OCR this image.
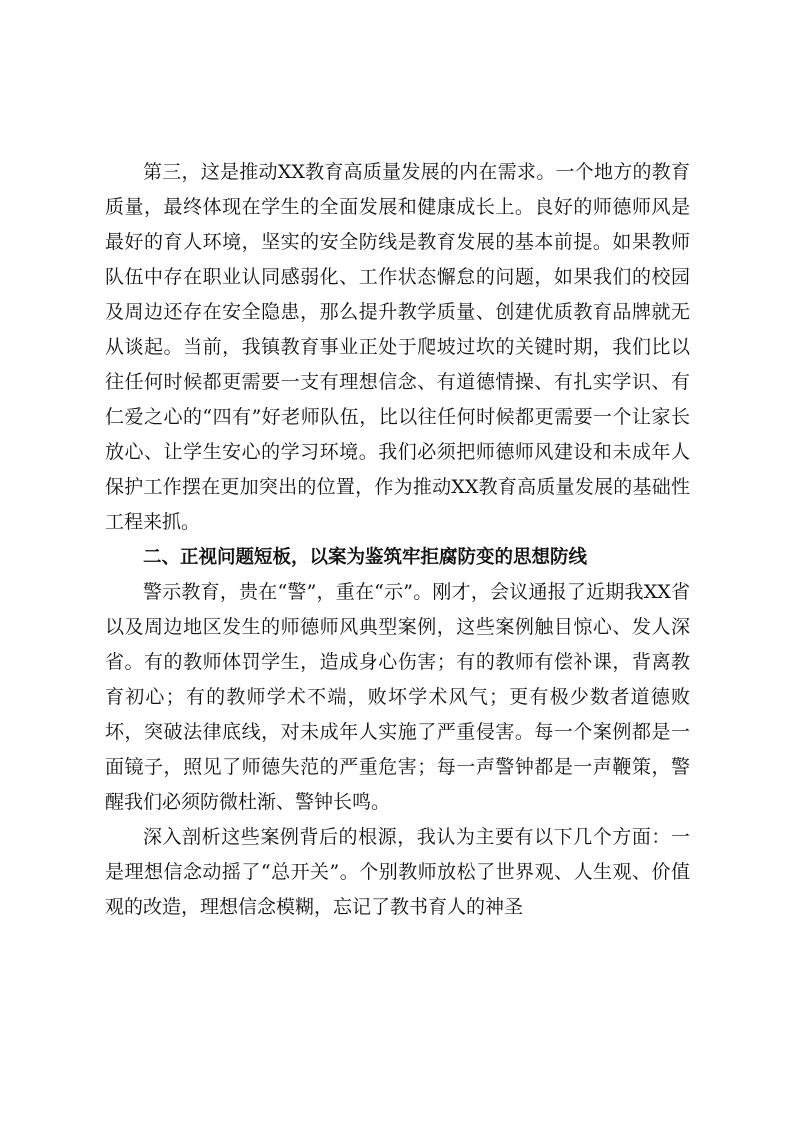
第三，这是推动XX教育高质量发展的内在需求。一个地方的教育质量，最终体现在学生的全面发展和健康成长上。良好的师德师风是最好的育人环境，坚实的安全防线是教育发展的基本前提。如果教师队伍中存在职业认同感弱化、工作状态懈怠的问题，如果我们的校园及周边还存在安全隐患，那么提升教学质量、创建优质教育品牌就无从谈起。当前，我镇教育事业正处于爬坡过坎的关键时期，我们比以往任何时候都更需要一支有理想信念、有道德情操、有扎实学识、有仁爱之心的“四有”好老师队伍，比以往任何时候都更需要一个让家长放心、让学生安心的学习环境。我们必须把师德师风建设和未成年人保护工作摆在更加突出的位置，作为推动XX教育高质量发展的基础性工程来抓。

二、正视问题短板，以案为鉴筑牢拒腐防变的思想防线

警示教育，贵在“警”，重在“示”。刚才，会议通报了近期我XX省以及周边地区发生的师德师风典型案例，这些案例触目惊心、发人深省。有的教师体罚学生，造成身心伤害；有的教师有偿补课，背离教育初心；有的教师学术不端，败坏学术风气；更有极少数者道德败坏，突破法律底线，对未成年人实施了严重侵害。每一个案例都是一面镜子，照见了师德失范的严重危害；每一声警钟都是一声鞭策，警醒我们必须防微杜渐、警钟长鸣。

深入剖析这些案例背后的根源，我认为主要有以下几个方面：一是理想信念动摇了“总开关”。个别教师放松了世界观、人生观、价值观的改造，理想信念模糊，忘记了教书育人的神圣
